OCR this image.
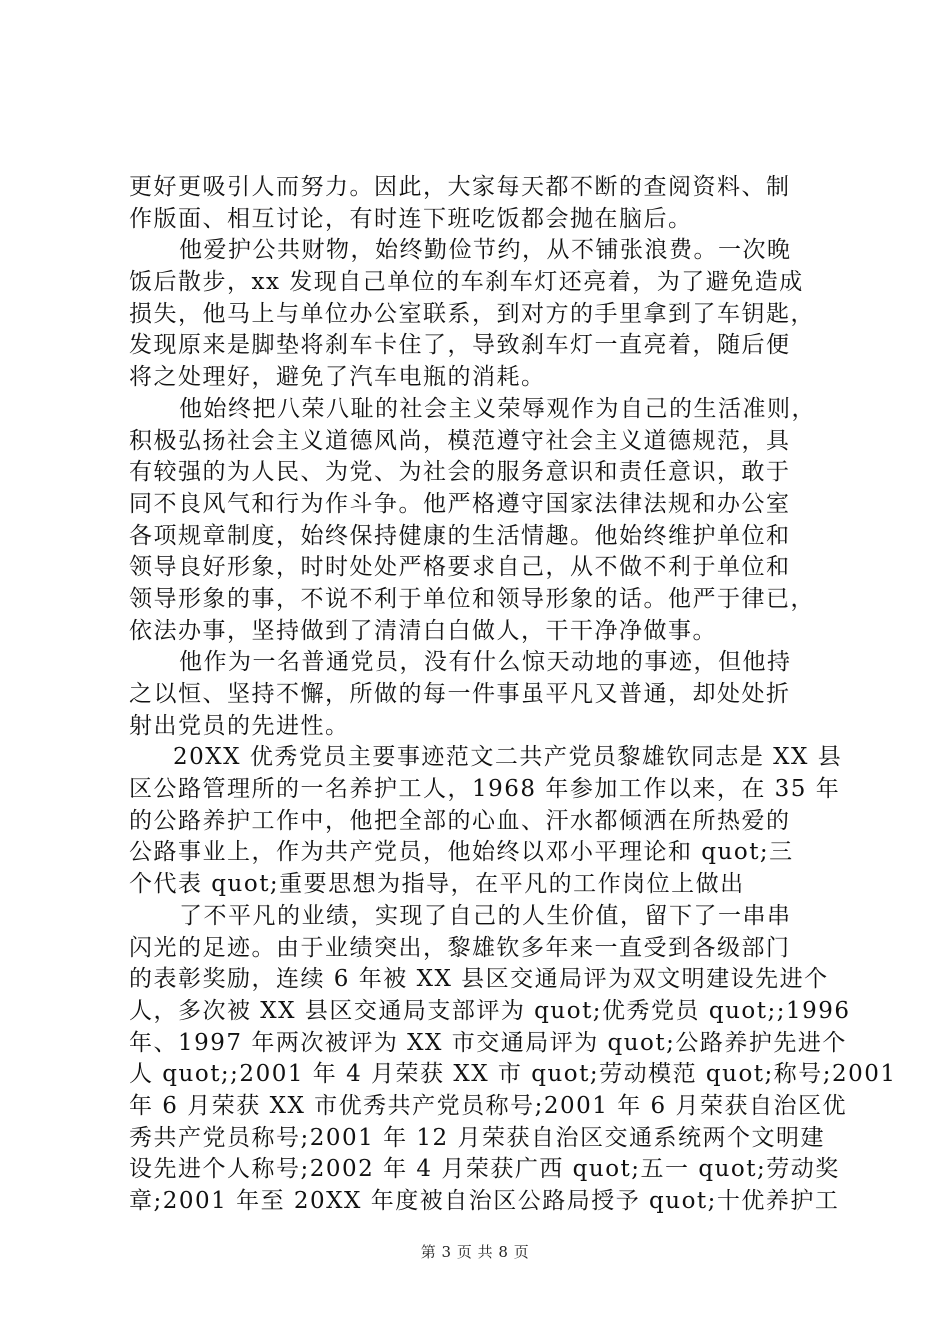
更好更吸引人而努力。因此，大家每天都不断的查阅资料、制
作版面、相互讨论，有时连下班吃饭都会抛在脑后。
他爱护公共财物，始终勤俭节约，从不铺张浪费。一次晚
饭后散步，xx 发现自己单位的车刹车灯还亮着，为了避免造成
损失，他马上与单位办公室联系，到对方的手里拿到了车钥匙，
发现原来是脚垫将刹车卡住了，导致刹车灯一直亮着，随后便
将之处理好，避免了汽车电瓶的消耗。
他始终把八荣八耻的社会主义荣辱观作为自己的生活准则，
积极弘扬社会主义道德风尚，模范遵守社会主义道德规范，具
有较强的为人民、为党、为社会的服务意识和责任意识，敢于
同不良风气和行为作斗争。他严格遵守国家法律法规和办公室
各项规章制度，始终保持健康的生活情趣。他始终维护单位和
领导良好形象，时时处处严格要求自己，从不做不利于单位和
领导形象的事，不说不利于单位和领导形象的话。他严于律已，
依法办事，坚持做到了清清白白做人，干干净净做事。
他作为一名普通党员，没有什么惊天动地的事迹，但他持
之以恒、坚持不懈，所做的每一件事虽平凡又普通，却处处折
射出党员的先进性。
20XX 优秀党员主要事迹范文二共产党员黎雄钦同志是 XX 县
区公路管理所的一名养护工人，1968 年参加工作以来，在 35 年
的公路养护工作中，他把全部的心血、汗水都倾洒在所热爱的
公路事业上，作为共产党员，他始终以邓小平理论和 quot;三
个代表 quot;重要思想为指导，在平凡的工作岗位上做出
了不平凡的业绩，实现了自己的人生价值，留下了一串串
闪光的足迹。由于业绩突出，黎雄钦多年来一直受到各级部门
的表彰奖励，连续 6 年被 XX 县区交通局评为双文明建设先进个
人，多次被 XX 县区交通局支部评为 quot;优秀党员 quot;;1996
年、1997 年两次被评为 XX 市交通局评为 quot;公路养护先进个
人 quot;;2001 年 4 月荣获 XX 市 quot;劳动模范 quot;称号;2001
年 6 月荣获 XX 市优秀共产党员称号;2001 年 6 月荣获自治区优
秀共产党员称号;2001 年 12 月荣获自治区交通系统两个文明建
设先进个人称号;2002 年 4 月荣获广西 quot;五一 quot;劳动奖
章;2001 年至 20XX 年度被自治区公路局授予 quot;十优养护工
第 3 页 共 8 页
